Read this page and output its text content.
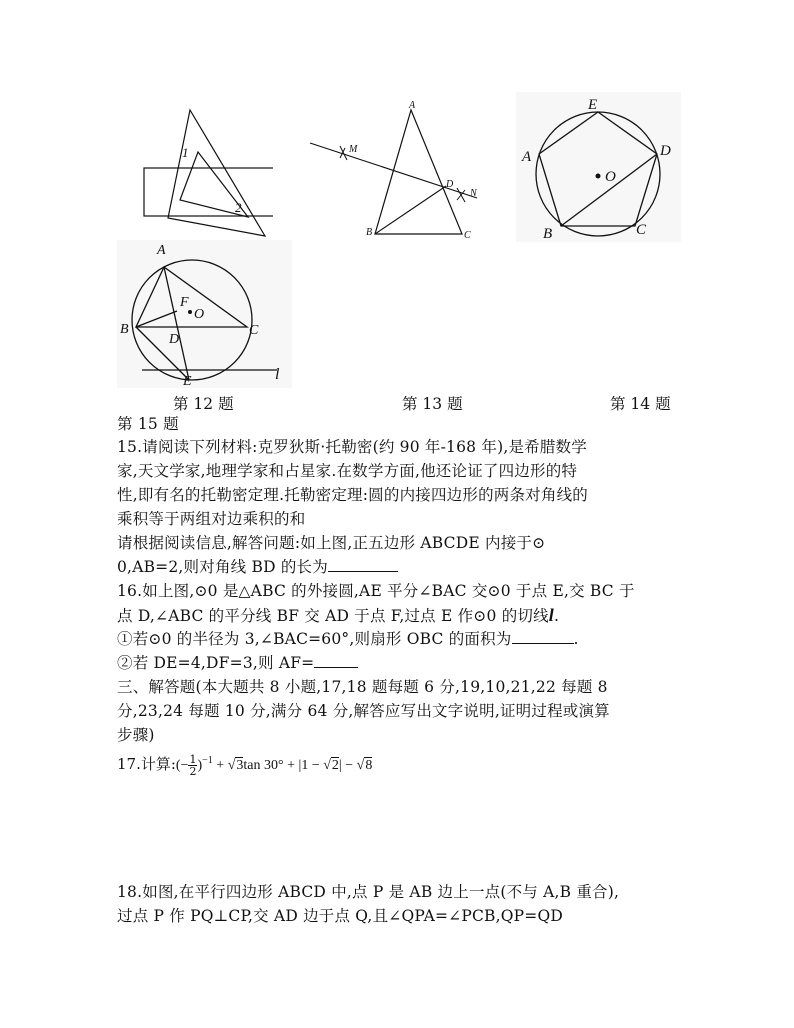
1
2
A
M
D
N
B	C
E
A	D
O
B	C
A
F
O
B	C
D
E	l
第 12 题	第 13 题	第 14 题
第 15 题
15.请阅读下列材料:克罗狄斯·托勒密(约 90 年-168 年),是希腊数学
家,天文学家,地理学家和占星家.在数学方面,他还论证了四边形的特
性,即有名的托勒密定理.托勒密定理:圆的内接四边形的两条对角线的
乘积等于两组对边乘积的和
请根据阅读信息,解答问题:如上图,正五边形 ABCDE 内接于⊙
0,AB=2,则对角线 BD 的长为
16.如上图,⊙0 是△ABC 的外接圆,AE 平分∠BAC 交⊙0 于点 E,交 BC 于
点 D,∠ABC 的平分线 BF 交 AD 于点 F,过点 E 作⊙0 的切线l.
①若⊙0 的半径为 3,∠BAC=60°,则扇形 OBC 的面积为	.
②若 DE=4,DF=3,则 AF=
三、解答题(本大题共 8 小题,17,18 题每题 6 分,19,10,21,22 每题 8
分,23,24 每题 10 分,满分 64 分,解答应写出文字说明,证明过程或演算
步骤)
17.计算:(− $\frac{1}{2} )^{-1} + √3\tan$ 30° + |1 − √2| − √8
18.如图,在平行四边形 ABCD 中,点 P 是 AB 边上一点(不与 A,B 重合),
过点 P 作 PQ⊥CP,交 AD 边于点 Q,且∠QPA=∠PCB,QP=QD
